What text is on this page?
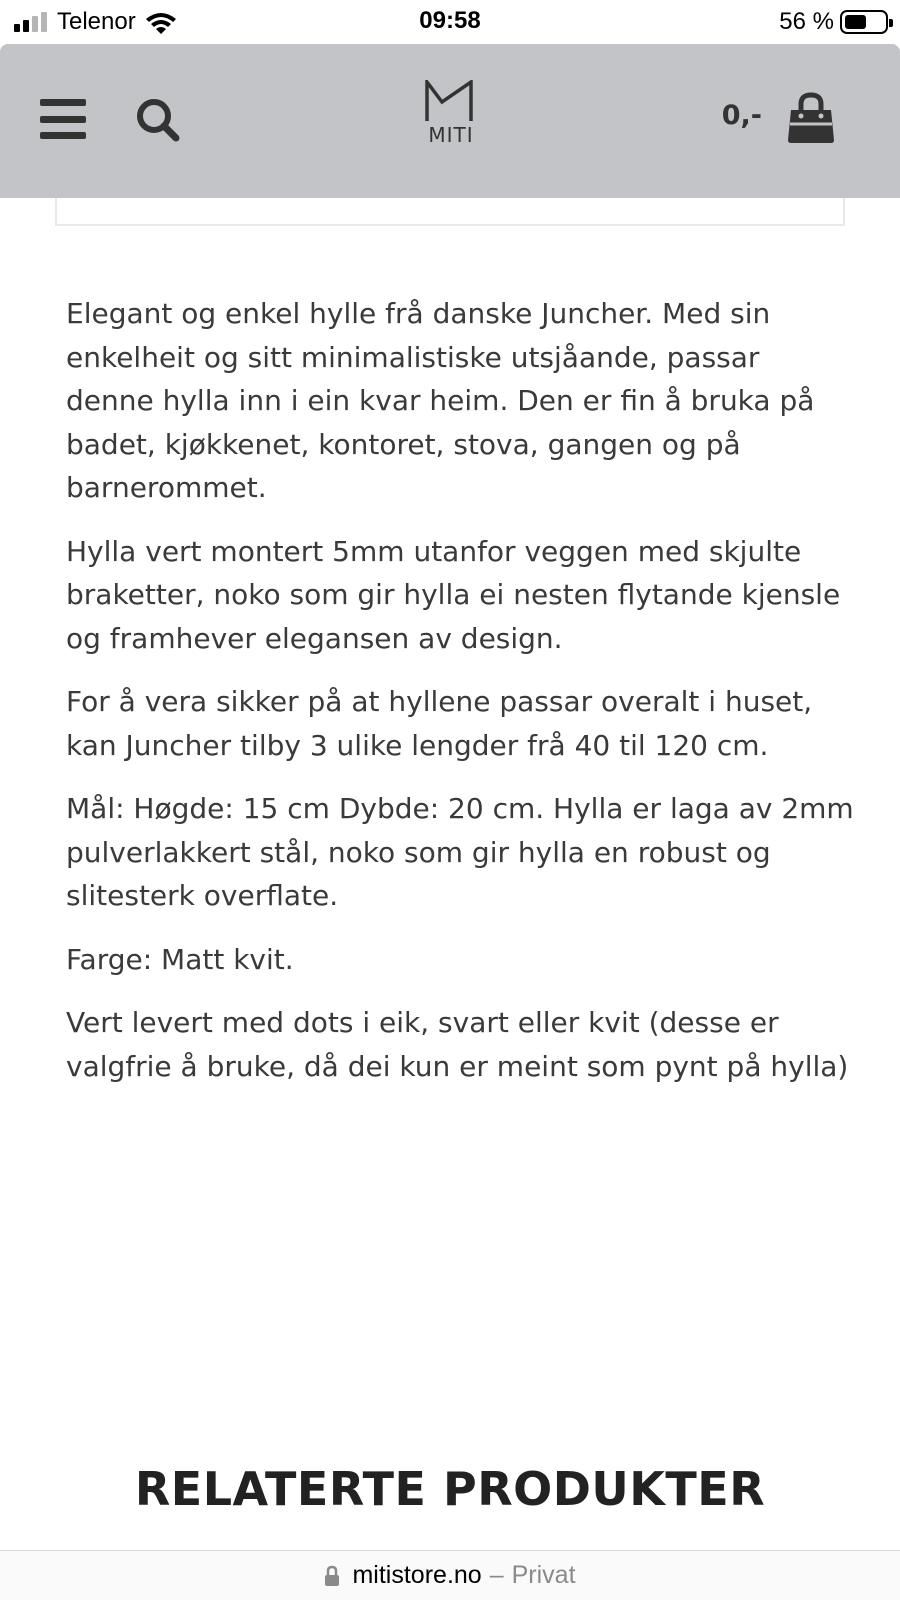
Telenor	09:58	56 %
MITI
0,-

Elegant og enkel hylle frå danske Juncher. Med sin enkelheit og sitt minimalistiske utsjåande, passar denne hylla inn i ein kvar heim. Den er fin å bruka på badet, kjøkkenet, kontoret, stova, gangen og på barnerommet.

Hylla vert montert 5mm utanfor veggen med skjulte braketter, noko som gir hylla ei nesten flytande kjensle og framhever elegansen av design.

For å vera sikker på at hyllene passar overalt i huset, kan Juncher tilby 3 ulike lengder frå 40 til 120 cm.

Mål: Høgde: 15 cm Dybde: 20 cm. Hylla er laga av 2mm pulverlakkert stål, noko som gir hylla en robust og slitesterk overflate.

Farge: Matt kvit.

Vert levert med dots i eik, svart eller kvit (desse er valgfrie å bruke, då dei kun er meint som pynt på hylla)

RELATERTE PRODUKTER
mitistore.no – Privat
